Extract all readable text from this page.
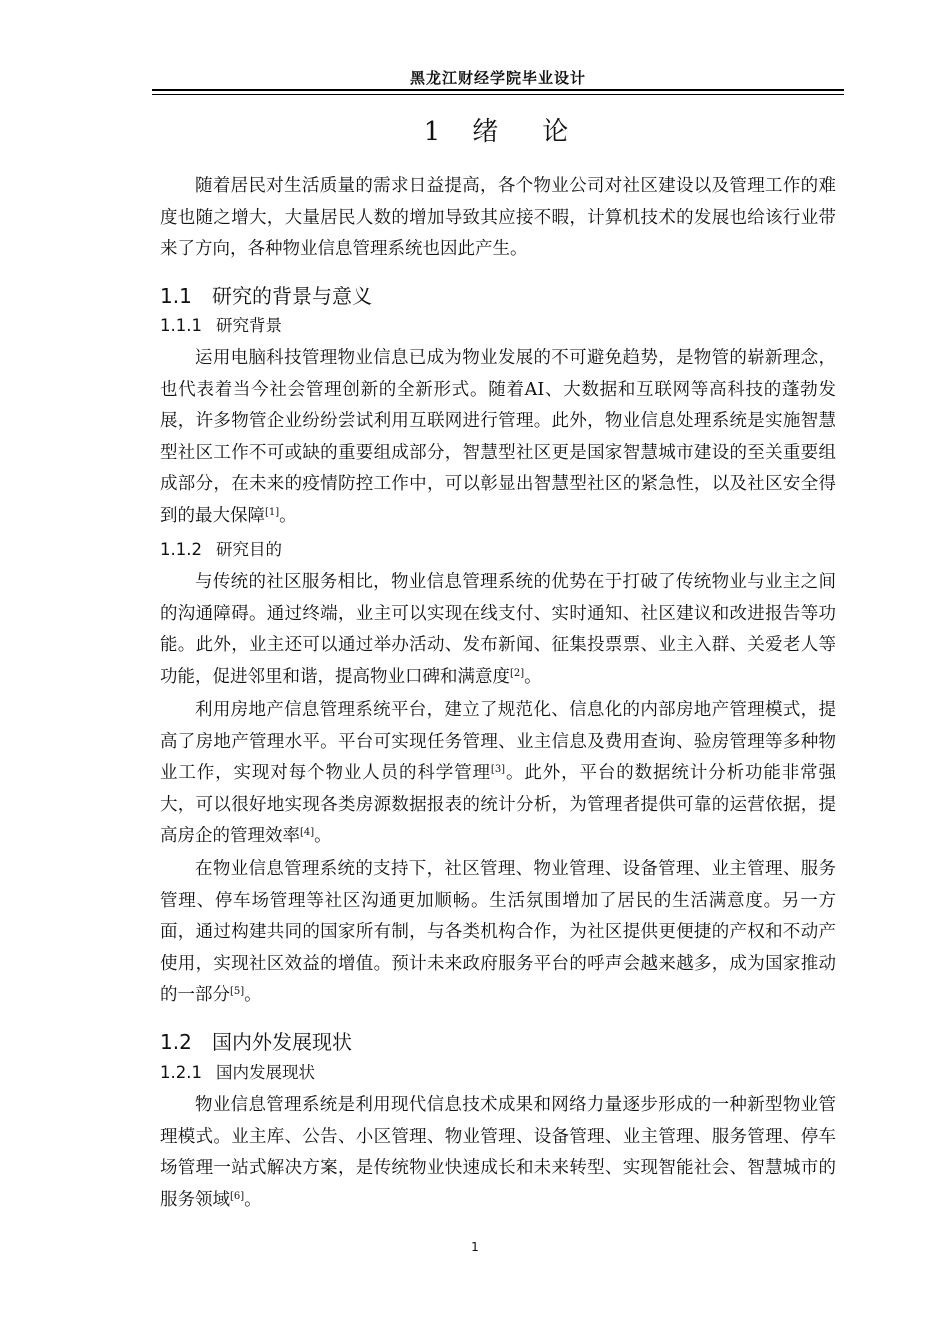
黑龙江财经学院毕业设计
1 绪 论

随着居民对生活质量的需求日益提高，各个物业公司对社区建设以及管理工作的难度也随之增大，大量居民人数的增加导致其应接不暇，计算机技术的发展也给该行业带来了方向，各种物业信息管理系统也因此产生。

1.1 研究的背景与意义
1.1.1 研究背景

运用电脑科技管理物业信息已成为物业发展的不可避免趋势，是物管的崭新理念，也代表着当今社会管理创新的全新形式。随着AI、大数据和互联网等高科技的蓬勃发展，许多物管企业纷纷尝试利用互联网进行管理。此外，物业信息处理系统是实施智慧型社区工作不可或缺的重要组成部分，智慧型社区更是国家智慧城市建设的至关重要组成部分，在未来的疫情防控工作中，可以彰显出智慧型社区的紧急性，以及社区安全得到的最大保障[1]。

1.1.2 研究目的

与传统的社区服务相比，物业信息管理系统的优势在于打破了传统物业与业主之间的沟通障碍。通过终端，业主可以实现在线支付、实时通知、社区建议和改进报告等功能。此外，业主还可以通过举办活动、发布新闻、征集投票票、业主入群、关爱老人等功能，促进邻里和谐，提高物业口碑和满意度[2]。

利用房地产信息管理系统平台，建立了规范化、信息化的内部房地产管理模式，提高了房地产管理水平。平台可实现任务管理、业主信息及费用查询、验房管理等多种物业工作，实现对每个物业人员的科学管理[3]。此外，平台的数据统计分析功能非常强大，可以很好地实现各类房源数据报表的统计分析，为管理者提供可靠的运营依据，提高房企的管理效率[4]。

在物业信息管理系统的支持下，社区管理、物业管理、设备管理、业主管理、服务管理、停车场管理等社区沟通更加顺畅。生活氛围增加了居民的生活满意度。另一方面，通过构建共同的国家所有制，与各类机构合作，为社区提供更便捷的产权和不动产使用，实现社区效益的增值。预计未来政府服务平台的呼声会越来越多，成为国家推动的一部分[5]。

1.2 国内外发展现状
1.2.1 国内发展现状

物业信息管理系统是利用现代信息技术成果和网络力量逐步形成的一种新型物业管理模式。业主库、公告、小区管理、物业管理、设备管理、业主管理、服务管理、停车场管理一站式解决方案，是传统物业快速成长和未来转型、实现智能社会、智慧城市的服务领域[6]。

1
